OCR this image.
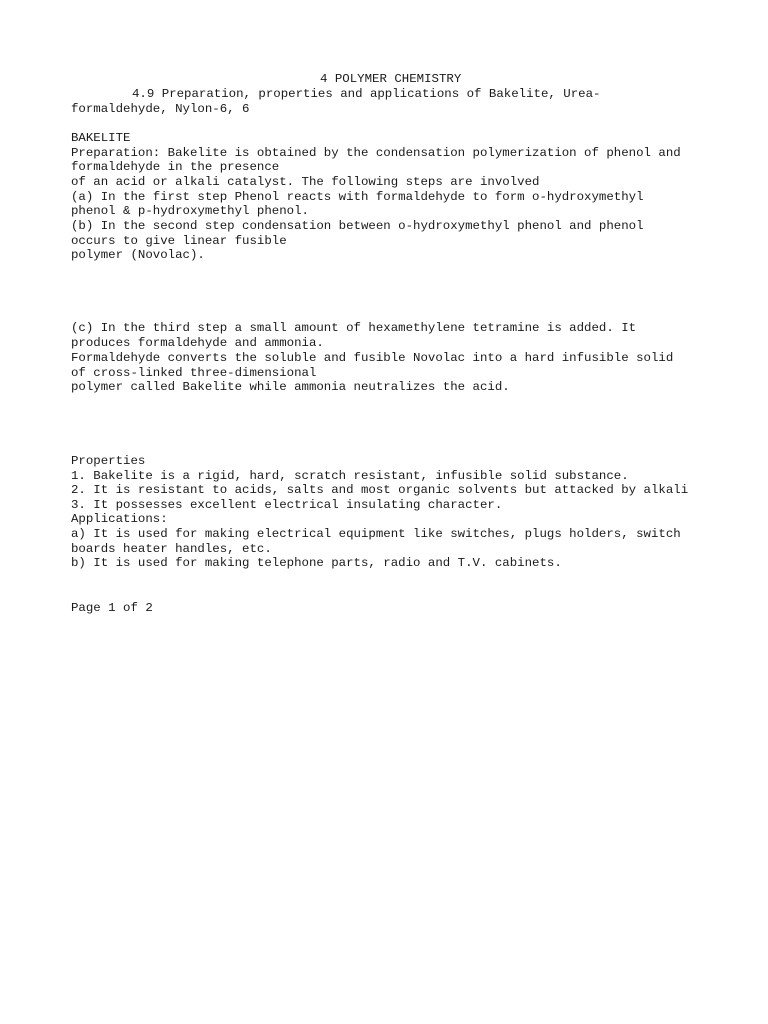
4 POLYMER CHEMISTRY

4.9 Preparation, properties and applications of Bakelite, Urea-

formaldehyde, Nylon-6, 6

BAKELITE

Preparation: Bakelite is obtained by the condensation polymerization of phenol and

formaldehyde in the presence

of an acid or alkali catalyst. The following steps are involved

(a) In the first step Phenol reacts with formaldehyde to form o-hydroxymethyl

phenol & p-hydroxymethyl phenol.

(b) In the second step condensation between o-hydroxymethyl phenol and phenol

occurs to give linear fusible

polymer (Novolac).

(c) In the third step a small amount of hexamethylene tetramine is added. It

produces formaldehyde and ammonia.

Formaldehyde converts the soluble and fusible Novolac into a hard infusible solid

of cross-linked three-dimensional

polymer called Bakelite while ammonia neutralizes the acid.

Properties

1. Bakelite is a rigid, hard, scratch resistant, infusible solid substance.

2. It is resistant to acids, salts and most organic solvents but attacked by alkali

3. It possesses excellent electrical insulating character.

Applications:

a) It is used for making electrical equipment like switches, plugs holders, switch

boards heater handles, etc.

b) It is used for making telephone parts, radio and T.V. cabinets.

Page 1 of 2
